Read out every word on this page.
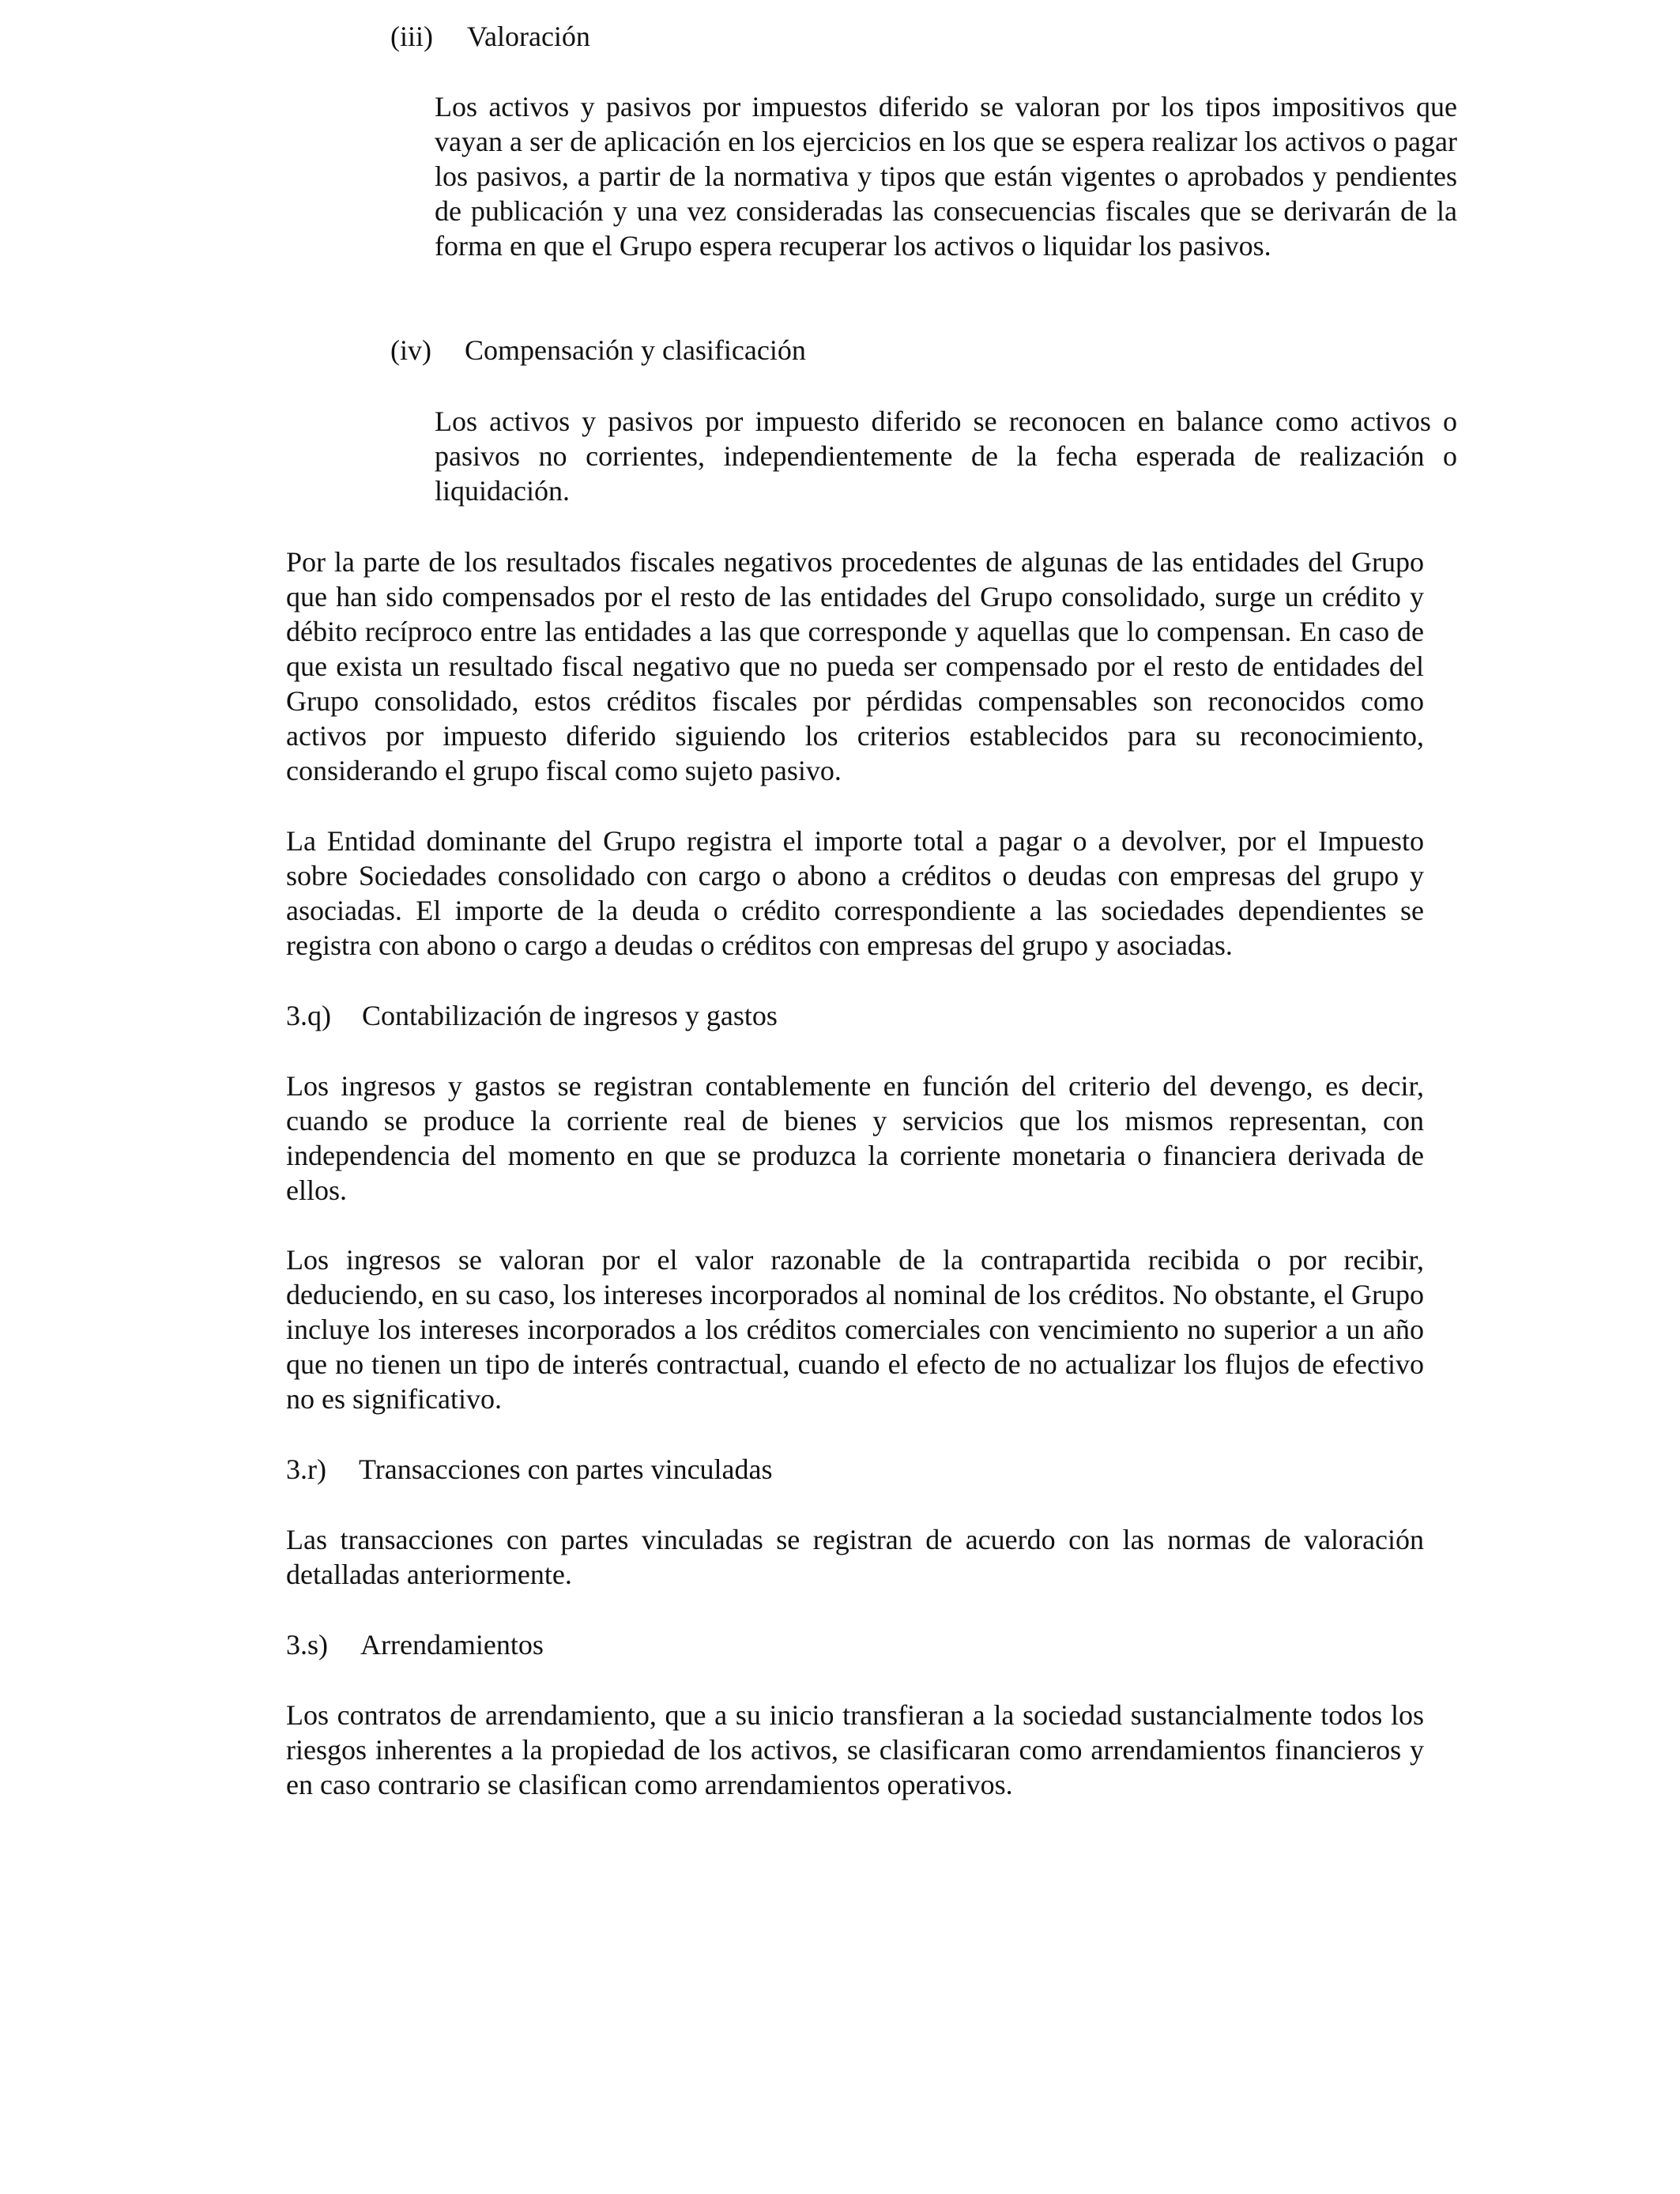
(iii) Valoración

Los activos y pasivos por impuestos diferido se valoran por los tipos impositivos que vayan a ser de aplicación en los ejercicios en los que se espera realizar los activos o pagar los pasivos, a partir de la normativa y tipos que están vigentes o aprobados y pendientes de publicación y una vez consideradas las consecuencias fiscales que se derivarán de la forma en que el Grupo espera recuperar los activos o liquidar los pasivos.

(iv) Compensación y clasificación

Los activos y pasivos por impuesto diferido se reconocen en balance como activos o pasivos no corrientes, independientemente de la fecha esperada de realización o liquidación.

Por la parte de los resultados fiscales negativos procedentes de algunas de las entidades del Grupo que han sido compensados por el resto de las entidades del Grupo consolidado, surge un crédito y débito recíproco entre las entidades a las que corresponde y aquellas que lo compensan. En caso de que exista un resultado fiscal negativo que no pueda ser compensado por el resto de entidades del Grupo consolidado, estos créditos fiscales por pérdidas compensables son reconocidos como activos por impuesto diferido siguiendo los criterios establecidos para su reconocimiento, considerando el grupo fiscal como sujeto pasivo.

La Entidad dominante del Grupo registra el importe total a pagar o a devolver, por el Impuesto sobre Sociedades consolidado con cargo o abono a créditos o deudas con empresas del grupo y asociadas. El importe de la deuda o crédito correspondiente a las sociedades dependientes se registra con abono o cargo a deudas o créditos con empresas del grupo y asociadas.

3.q) Contabilización de ingresos y gastos

Los ingresos y gastos se registran contablemente en función del criterio del devengo, es decir, cuando se produce la corriente real de bienes y servicios que los mismos representan, con independencia del momento en que se produzca la corriente monetaria o financiera derivada de ellos.

Los ingresos se valoran por el valor razonable de la contrapartida recibida o por recibir, deduciendo, en su caso, los intereses incorporados al nominal de los créditos. No obstante, el Grupo incluye los intereses incorporados a los créditos comerciales con vencimiento no superior a un año que no tienen un tipo de interés contractual, cuando el efecto de no actualizar los flujos de efectivo no es significativo.

3.r) Transacciones con partes vinculadas

Las transacciones con partes vinculadas se registran de acuerdo con las normas de valoración detalladas anteriormente.

3.s) Arrendamientos

Los contratos de arrendamiento, que a su inicio transfieran a la sociedad sustancialmente todos los riesgos inherentes a la propiedad de los activos, se clasificaran como arrendamientos financieros y en caso contrario se clasifican como arrendamientos operativos.
